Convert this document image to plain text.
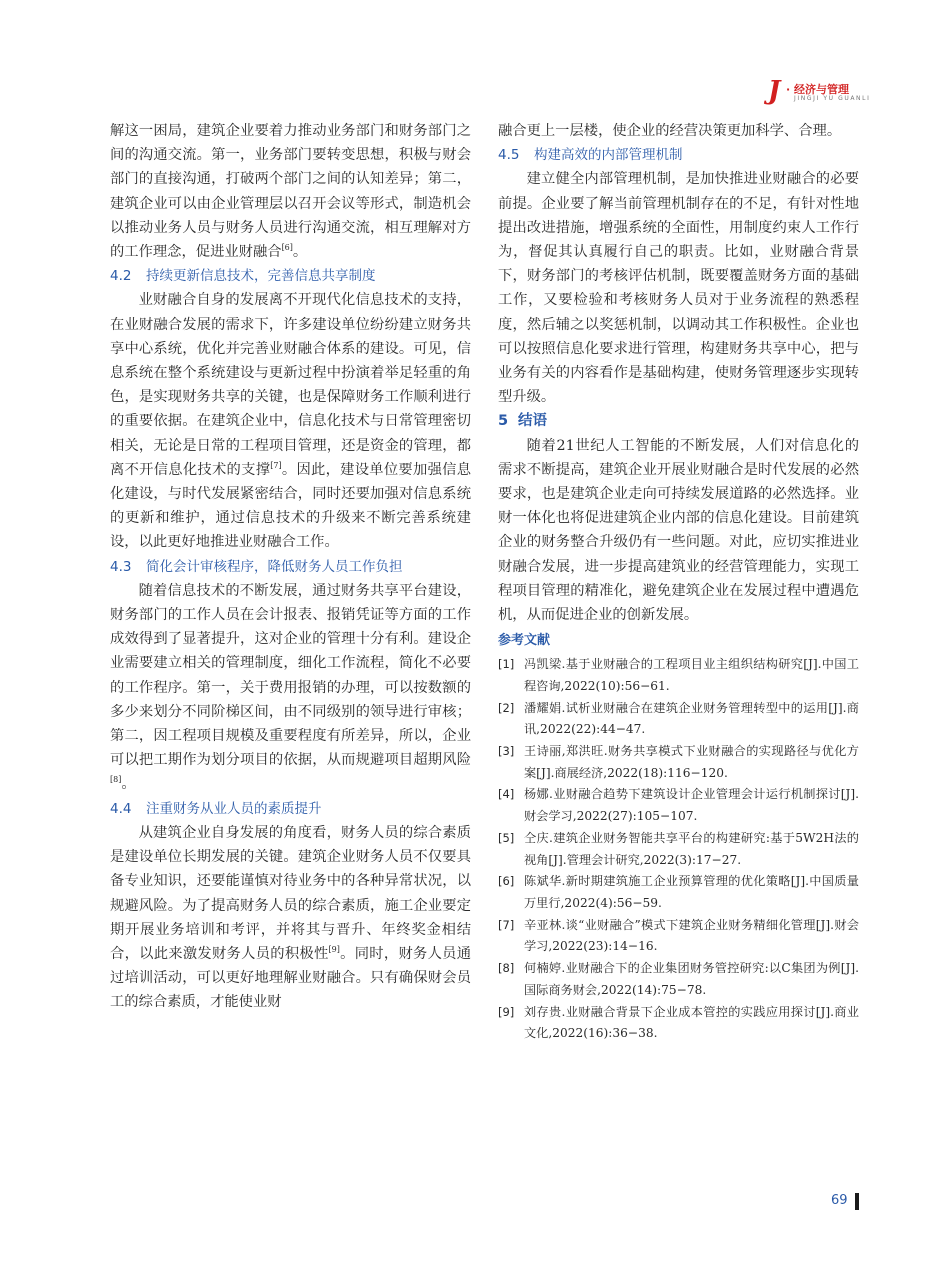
J · 经济与管理
JINGJI YU GUANLI

解这一困局，建筑企业要着力推动业务部门和财务部门之间的沟通交流。第一，业务部门要转变思想，积极与财会部门的直接沟通，打破两个部门之间的认知差异；第二，建筑企业可以由企业管理层以召开会议等形式，制造机会以推动业务人员与财务人员进行沟通交流，相互理解对方的工作理念，促进业财融合[6]。

4.2 持续更新信息技术，完善信息共享制度

业财融合自身的发展离不开现代化信息技术的支持，在业财融合发展的需求下，许多建设单位纷纷建立财务共享中心系统，优化并完善业财融合体系的建设。可见，信息系统在整个系统建设与更新过程中扮演着举足轻重的角色，是实现财务共享的关键，也是保障财务工作顺利进行的重要依据。在建筑企业中，信息化技术与日常管理密切相关，无论是日常的工程项目管理，还是资金的管理，都离不开信息化技术的支撑[7]。因此，建设单位要加强信息化建设，与时代发展紧密结合，同时还要加强对信息系统的更新和维护，通过信息技术的升级来不断完善系统建设，以此更好地推进业财融合工作。

4.3 简化会计审核程序，降低财务人员工作负担

随着信息技术的不断发展，通过财务共享平台建设，财务部门的工作人员在会计报表、报销凭证等方面的工作成效得到了显著提升，这对企业的管理十分有利。建设企业需要建立相关的管理制度，细化工作流程，简化不必要的工作程序。第一，关于费用报销的办理，可以按数额的多少来划分不同阶梯区间，由不同级别的领导进行审核；第二，因工程项目规模及重要程度有所差异，所以，企业可以把工期作为划分项目的依据，从而规避项目超期风险[8]。

4.4 注重财务从业人员的素质提升

从建筑企业自身发展的角度看，财务人员的综合素质是建设单位长期发展的关键。建筑企业财务人员不仅要具备专业知识，还要能谨慎对待业务中的各种异常状况，以规避风险。为了提高财务人员的综合素质，施工企业要定期开展业务培训和考评，并将其与晋升、年终奖金相结合，以此来激发财务人员的积极性[9]。同时，财务人员通过培训活动，可以更好地理解业财融合。只有确保财会员工的综合素质，才能使业财

融合更上一层楼，使企业的经营决策更加科学、合理。

4.5 构建高效的内部管理机制

建立健全内部管理机制，是加快推进业财融合的必要前提。企业要了解当前管理机制存在的不足，有针对性地提出改进措施，增强系统的全面性，用制度约束人工作行为，督促其认真履行自己的职责。比如，业财融合背景下，财务部门的考核评估机制，既要覆盖财务方面的基础工作，又要检验和考核财务人员对于业务流程的熟悉程度，然后辅之以奖惩机制，以调动其工作积极性。企业也可以按照信息化要求进行管理，构建财务共享中心，把与业务有关的内容看作是基础构建，使财务管理逐步实现转型升级。

5 结语

随着21世纪人工智能的不断发展，人们对信息化的需求不断提高，建筑企业开展业财融合是时代发展的必然要求，也是建筑企业走向可持续发展道路的必然选择。业财一体化也将促进建筑企业内部的信息化建设。目前建筑企业的财务整合升级仍有一些问题。对此，应切实推进业财融合发展，进一步提高建筑业的经营管理能力，实现工程项目管理的精准化，避免建筑企业在发展过程中遭遇危机，从而促进企业的创新发展。

参考文献

[1] 冯凯梁.基于业财融合的工程项目业主组织结构研究[J].中国工程咨询,2022(10):56−61.
[2] 潘耀娟.试析业财融合在建筑企业财务管理转型中的运用[J].商讯,2022(22):44−47.
[3] 王诗丽,郑洪旺.财务共享模式下业财融合的实现路径与优化方案[J].商展经济,2022(18):116−120.
[4] 杨娜.业财融合趋势下建筑设计企业管理会计运行机制探讨[J].财会学习,2022(27):105−107.
[5] 仝庆.建筑企业财务智能共享平台的构建研究:基于5W2H法的视角[J].管理会计研究,2022(3):17−27.
[6] 陈斌华.新时期建筑施工企业预算管理的优化策略[J].中国质量万里行,2022(4):56−59.
[7] 辛亚林.谈“业财融合”模式下建筑企业财务精细化管理[J].财会学习,2022(23):14−16.
[8] 何楠婷.业财融合下的企业集团财务管控研究:以C集团为例[J].国际商务财会,2022(14):75−78.
[9] 刘存贵.业财融合背景下企业成本管控的实践应用探讨[J].商业文化,2022(16):36−38.
69
